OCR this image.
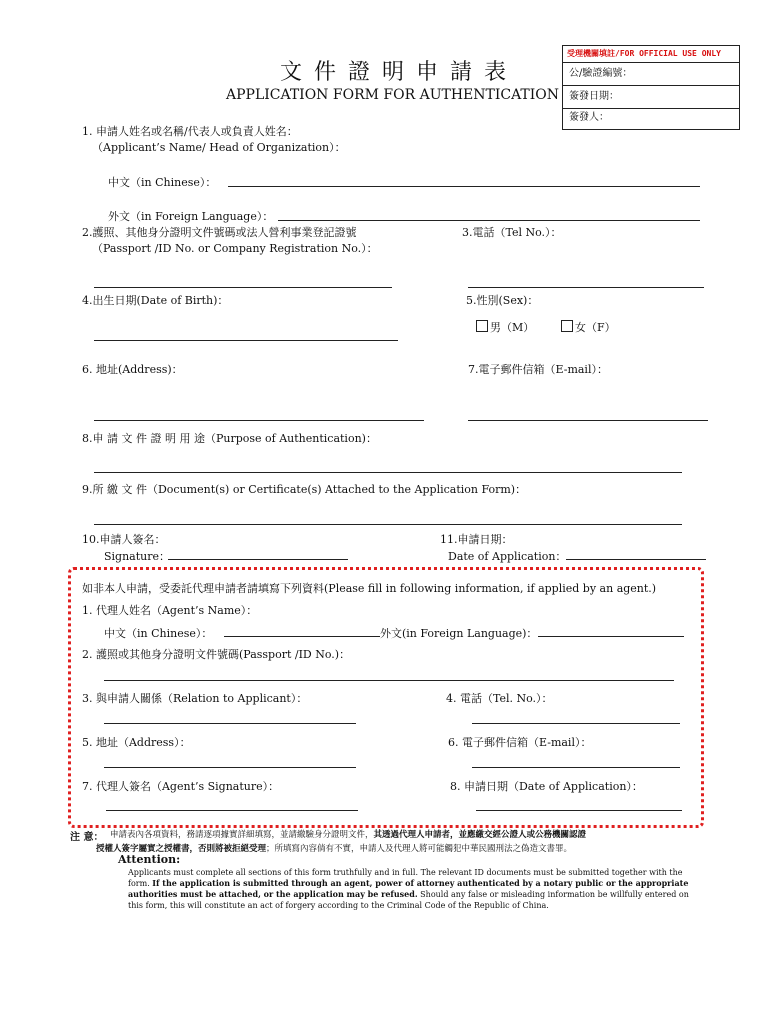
文件證明申請表
APPLICATION FORM FOR AUTHENTICATION
受理機關填註/FOR OFFICIAL USE ONLY
公/驗證編號：
簽發日期：
簽發人：
1. 申請人姓名或名稱/代表人或負責人姓名：
（Applicant’s Name/ Head of Organization）：
中文（in Chinese）：
外文（in Foreign Language）：
2.護照、其他身分證明文件號碼或法人營利事業登記證號
（Passport /ID No. or Company Registration No.）：
3.電話（Tel No.）：
4.出生日期(Date of Birth)：	5.性別(Sex)：
男（M）	女（F）
6. 地址(Address)：	7.電子郵件信箱（E-mail）：
8.申 請 文 件 證 明 用 途（Purpose of Authentication)：
9.所 繳 文 件（Document(s) or Certificate(s) Attached to the Application Form)：
10.申請人簽名：
Signature：
11.申請日期：
Date of Application：
如非本人申請，受委託代理申請者請填寫下列資料(Please fill in following information, if applied by an agent.)
1. 代理人姓名（Agent’s Name）：
中文（in Chinese）：	外文(in Foreign Language)：
2. 護照或其他身分證明文件號碼(Passport /ID No.)：
3. 與申請人關係（Relation to Applicant）：	4. 電話（Tel. No.）：
5. 地址（Address）：	6. 電子郵件信箱（E-mail）：
7. 代理人簽名（Agent’s Signature）：	8. 申請日期（Date of Application）：
注 意： 申請表內各項資料，務請逐項據實詳細填寫，並請繳驗身分證明文件，其透過代理人申請者，並應繳交經公證人或公務機關認證
授權人簽字屬實之授權書，否則將被拒絕受理；所填寫內容倘有不實，申請人及代理人將可能觸犯中華民國刑法之偽造文書罪。
Attention:
Applicants must complete all sections of this form truthfully and in full. The relevant ID documents must be submitted together with the form. If the application is submitted through an agent, power of attorney authenticated by a notary public or the appropriate authorities must be attached, or the application may be refused. Should any false or misleading information be willfully entered on this form, this will constitute an act of forgery according to the Criminal Code of the Republic of China.
